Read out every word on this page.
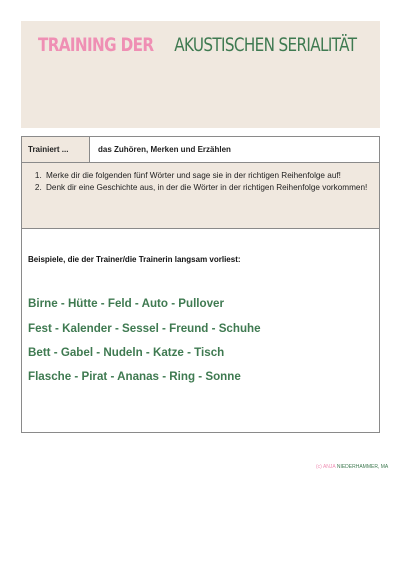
TRAINING DER AKUSTISCHEN SERIALITÄT
Trainiert ...	das Zuhören, Merken und Erzählen
1. Merke dir die folgenden fünf Wörter und sage sie in der richtigen Reihenfolge auf!
2. Denk dir eine Geschichte aus, in der die Wörter in der richtigen Reihenfolge vorkommen!
Beispiele, die der Trainer/die Trainerin langsam vorliest:
Birne - Hütte - Feld - Auto - Pullover
Fest - Kalender - Sessel - Freund - Schuhe
Bett - Gabel - Nudeln - Katze - Tisch
Flasche - Pirat - Ananas - Ring - Sonne
(c) ANJA NIEDERHAMMER, MA
